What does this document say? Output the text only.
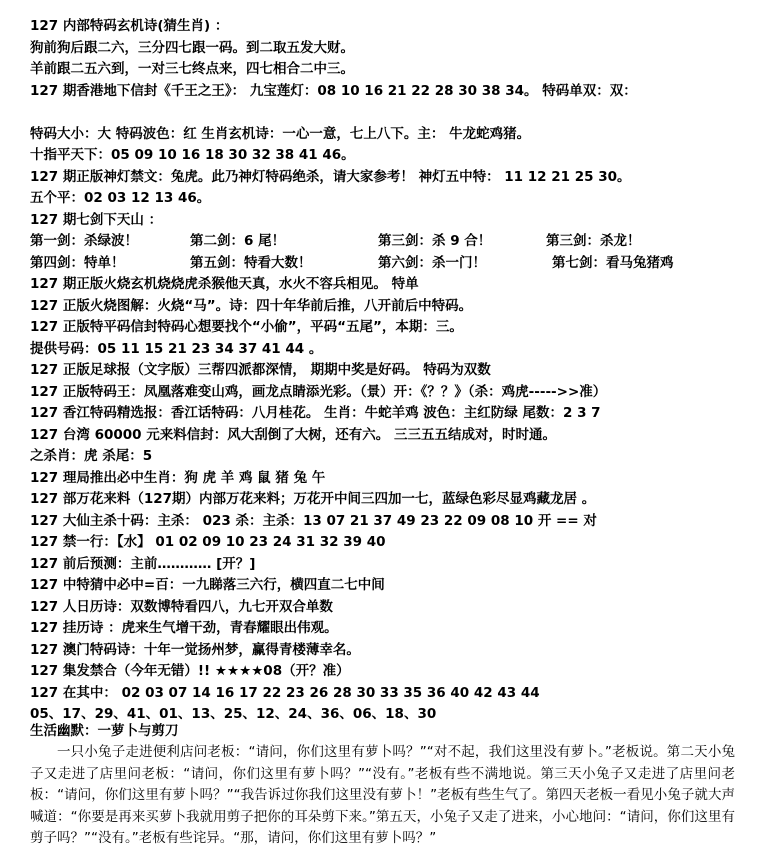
127 内部特码玄机诗(猜生肖) ：
狗前狗后跟二六，三分四七跟一码。到二取五发大财。
羊前跟二五六到，一对三七终点来，四七相合二中三。
127 期香港地下信封《千王之王》： 九宝莲灯：08 10 16 21 22 28 30 38 34。 特码单双：双：
特码大小：大 特码波色：红 生肖玄机诗：一心一意，七上八下。主： 牛龙蛇鸡猪。
十指平天下：05 09 10 16 18 30 32 38 41 46。
127 期正版神灯禁文：兔虎。此乃神灯特码绝杀，请大家参考！ 神灯五中特： 11 12 21 25 30。
五个平：02 03 12 13 46。
127 期七剑下天山 ：
第一剑：杀绿波！	第二剑：6 尾！	第三剑：杀 9 合！	第三剑：杀龙！
第四剑：特单！	第五剑：特看大数！	第六剑：杀一门！	第七剑：看马兔猪鸡
127 期正版火烧玄机烧烧虎杀猴他天真，水火不容兵相见。 特单
127 正版火烧图解：火烧“马”。诗：四十年华前后推，八开前后中特码。
127 正版特平码信封特码心想要找个“小偷”，平码“五尾”，本期：三。
提供号码：05 11 15 21 23 34 37 41 44 。
127 正版足球报（文字版）三帮四派都深情， 期期中奖是好码。 特码为双数
127 正版特码王：凤凰落难变山鸡，画龙点睛添光彩。（景）开：《？？》（杀：鸡虎----->>准）
127 香江特码精选报：香江话特码：八月桂花。 生肖：牛蛇羊鸡 波色：主红防绿 尾数：2 3 7
127 台湾 60000 元来料信封：风大刮倒了大树，还有六。 三三五五结成对，时时通。
之杀肖：虎 杀尾：5
127 理局推出必中生肖：狗 虎 羊 鸡 鼠 猪 兔 午
127 部万花来料（127期）内部万花来料；万花开中间三四加一七，蓝绿色彩尽显鸡藏龙居 。
127 大仙主杀十码：主杀： 023 杀：主杀：13 07 21 37 49 23 22 09 08 10 开 == 对
127 禁一行：【水】 01 02 09 10 23 24 31 32 39 40
127 前后预测：主前………… [开？]
127 中特猜中必中=百：一九睇落三六行，横四直二七中间
127 人日历诗：双数博特看四八，九七开双合单数
127 挂历诗 ：虎来生气增干劲，青春耀眼出伟观。
127 澳门特码诗：十年一觉扬州梦，赢得青楼薄幸名。
127 集发禁合（今年无错）!! ★★★★08（开？准）
127 在其中： 02 03 07 14 16 17 22 23 26 28 30 33 35 36 40 42 43 44
05、17、29、41、01、13、25、12、24、36、06、18、30
生活幽默：一萝卜与剪刀
一只小兔子走进便利店问老板：“请问，你们这里有萝卜吗？”“对不起，我们这里没有萝卜。”老板说。第二天小兔子又走进了店里问老板：“请问，你们这里有萝卜吗？”“没有。”老板有些不满地说。第三天小兔子又走进了店里问老板：“请问，你们这里有萝卜吗？”“我告诉过你我们这里没有萝卜！”老板有些生气了。第四天老板一看见小兔子就大声喊道：“你要是再来买萝卜我就用剪子把你的耳朵剪下来。”第五天，小兔子又走了进来，小心地问：“请问，你们这里有剪子吗？”“没有。”老板有些诧异。“那，请问，你们这里有萝卜吗？”
